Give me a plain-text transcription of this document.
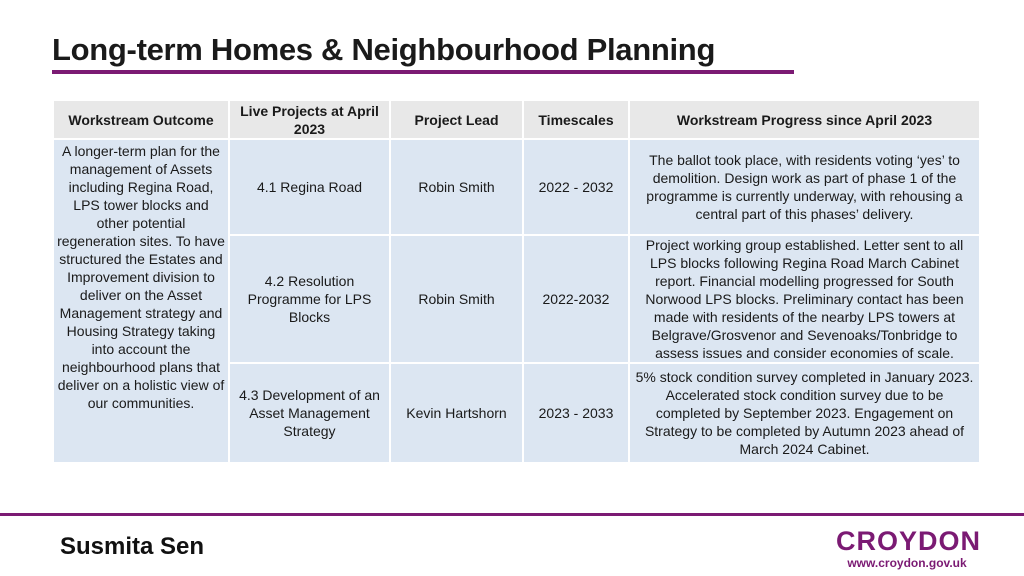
Long-term Homes & Neighbourhood Planning
Workstream Outcome	Live Projects at April 2023	Project Lead	Timescales	Workstream Progress since April 2023
A longer-term plan for the management of Assets including Regina Road, LPS tower blocks and other potential regeneration sites. To have structured the Estates and Improvement division to deliver on the Asset Management strategy and Housing Strategy taking into account the neighbourhood plans that deliver on a holistic view of our communities.	4.1 Regina Road	Robin Smith	2022 - 2032	The ballot took place, with residents voting ‘yes’ to demolition. Design work as part of phase 1 of the programme is currently underway, with rehousing a central part of this phases’ delivery.
	4.2 Resolution Programme for LPS Blocks	Robin Smith	2022-2032	Project working group established. Letter sent to all LPS blocks following Regina Road March Cabinet report. Financial modelling progressed for South Norwood LPS blocks. Preliminary contact has been made with residents of the nearby LPS towers at Belgrave/Grosvenor and Sevenoaks/Tonbridge to assess issues and consider economies of scale.
	4.3 Development of an Asset Management Strategy	Kevin Hartshorn	2023 - 2033	5% stock condition survey completed in January 2023. Accelerated stock condition survey due to be completed by September 2023. Engagement on Strategy to be completed by Autumn 2023 ahead of March 2024 Cabinet.
Susmita Sen	CROYDON
www.croydon.gov.uk
